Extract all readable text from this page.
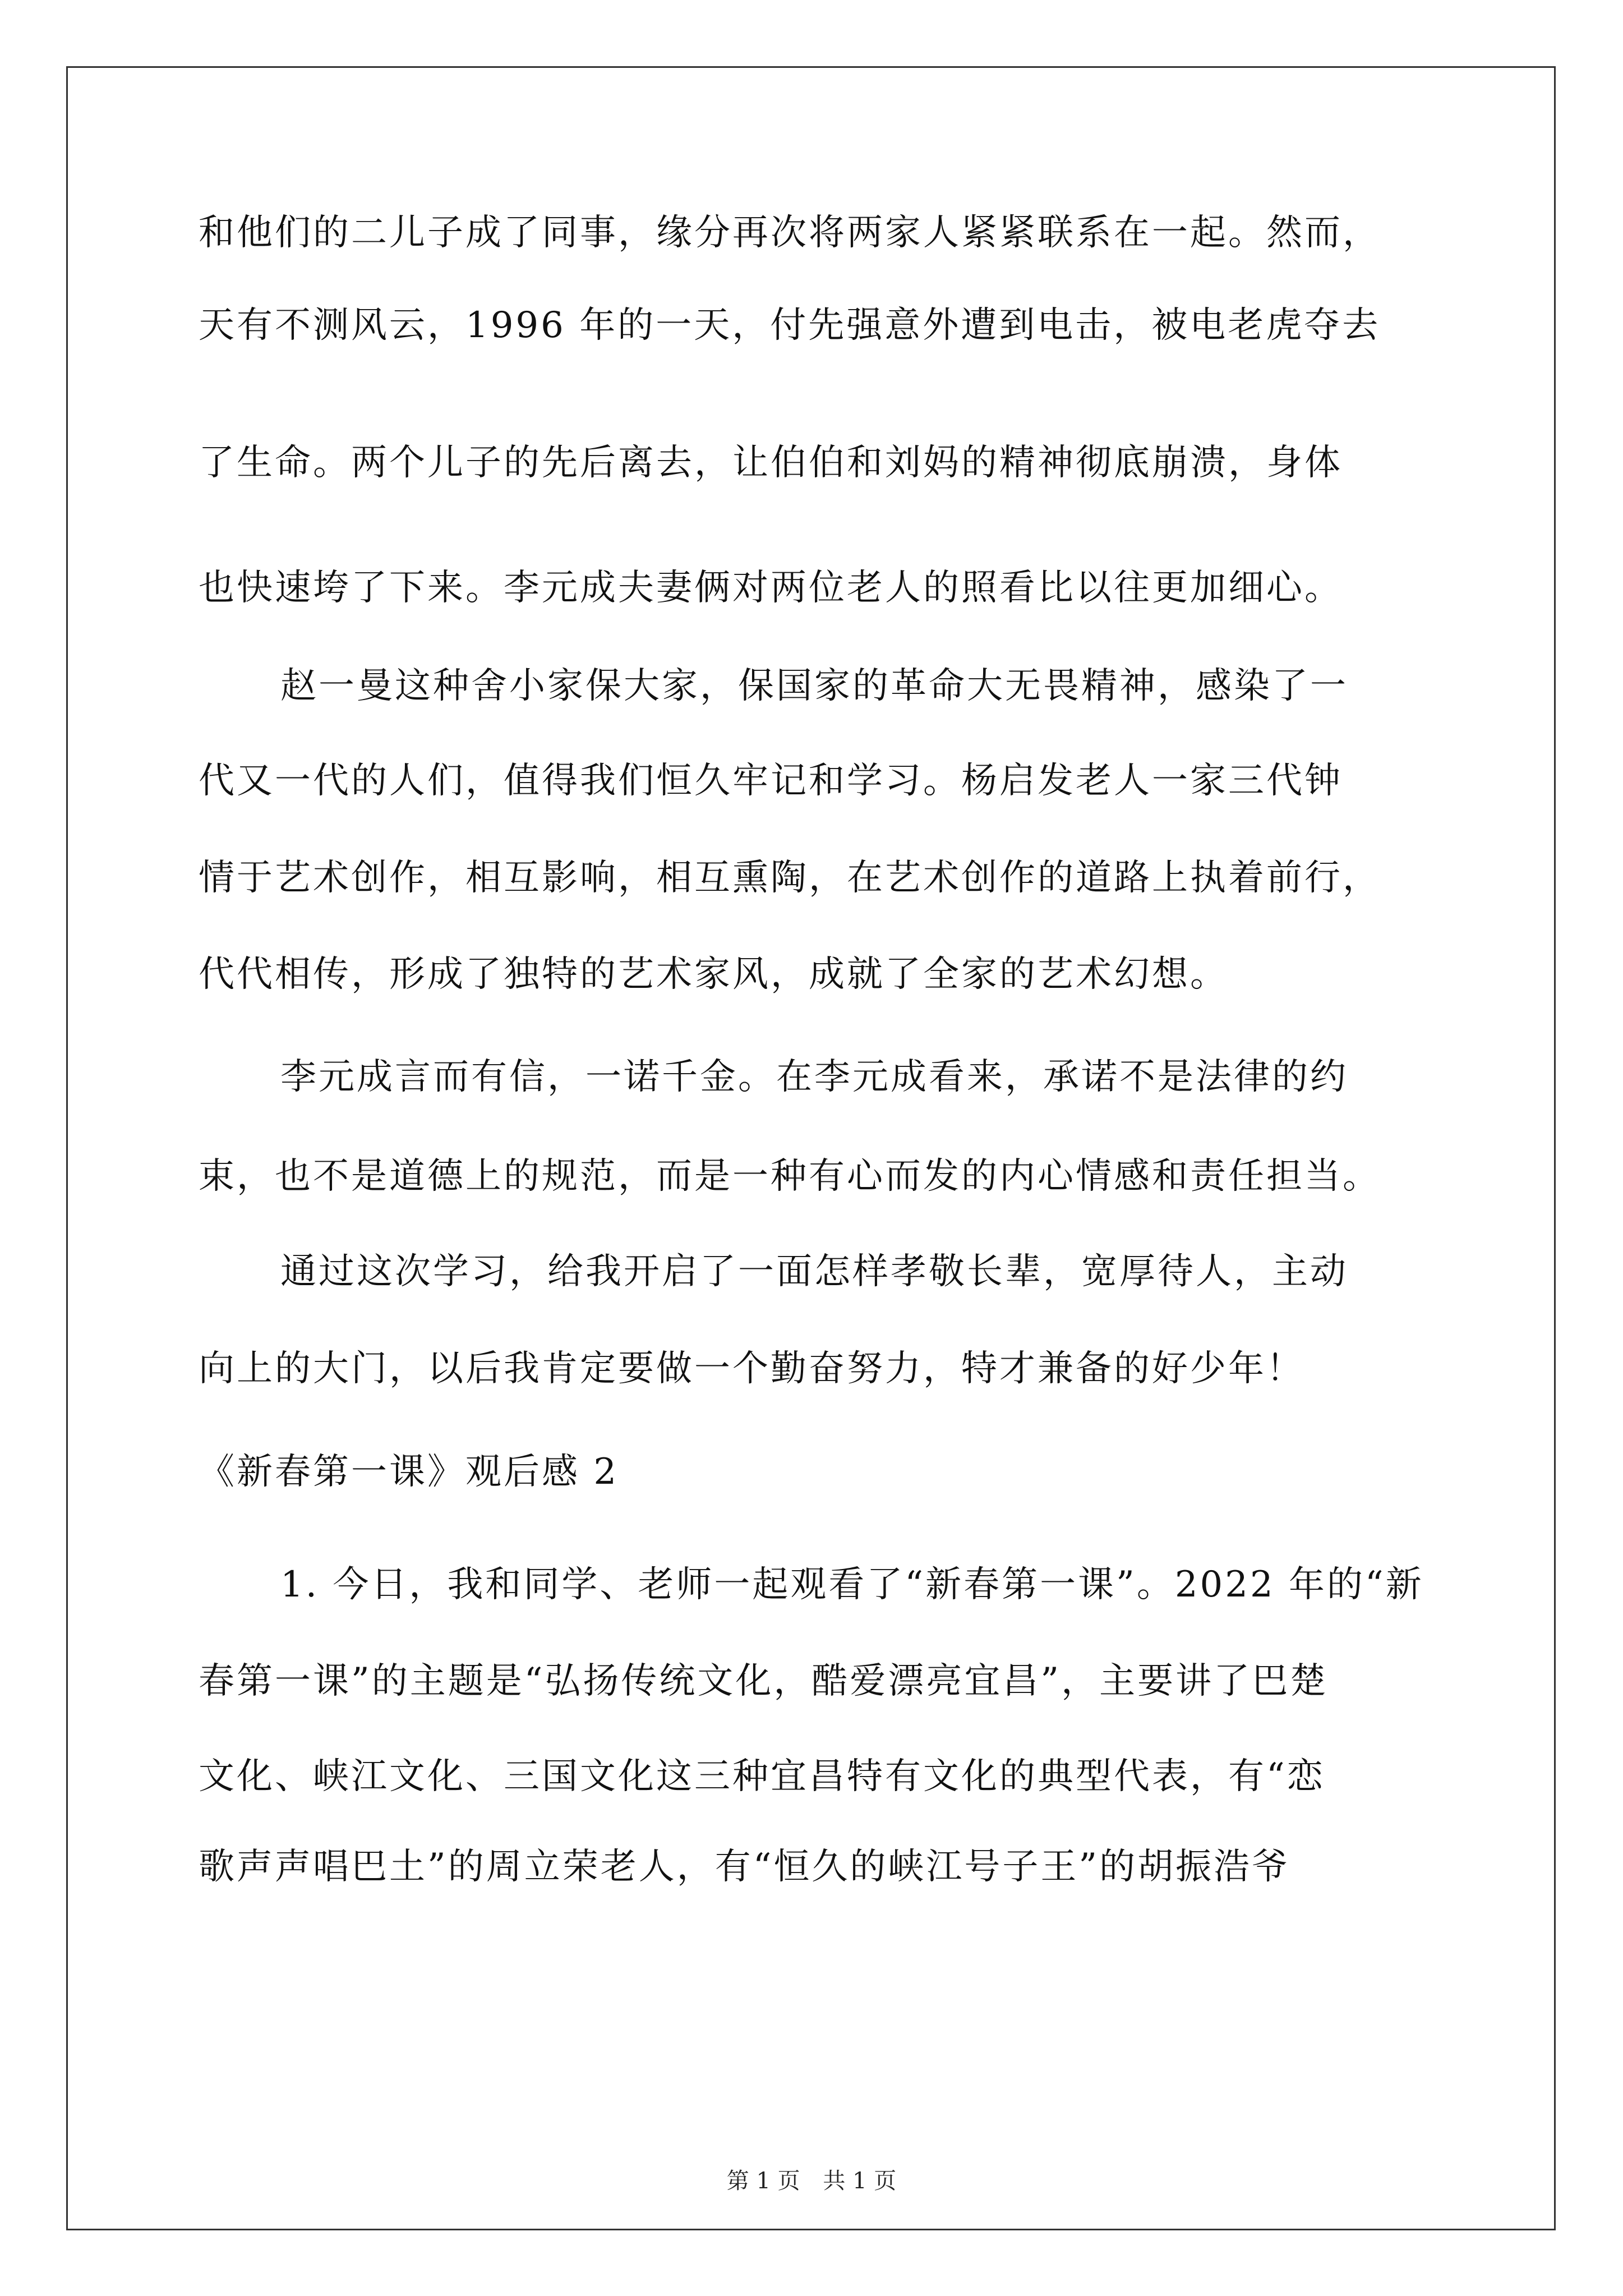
和他们的二儿子成了同事，缘分再次将两家人紧紧联系在一起。然而，
天有不测风云，1996 年的一天，付先强意外遭到电击，被电老虎夺去
了生命。两个儿子的先后离去，让伯伯和刘妈的精神彻底崩溃，身体
也快速垮了下来。李元成夫妻俩对两位老人的照看比以往更加细心。
赵一曼这种舍小家保大家，保国家的革命大无畏精神，感染了一
代又一代的人们，值得我们恒久牢记和学习。杨启发老人一家三代钟
情于艺术创作，相互影响，相互熏陶，在艺术创作的道路上执着前行，
代代相传，形成了独特的艺术家风，成就了全家的艺术幻想。
李元成言而有信，一诺千金。在李元成看来，承诺不是法律的约
束，也不是道德上的规范，而是一种有心而发的内心情感和责任担当。
通过这次学习，给我开启了一面怎样孝敬长辈，宽厚待人，主动
向上的大门，以后我肯定要做一个勤奋努力，特才兼备的好少年！
《新春第一课》观后感 2
1. 今日，我和同学、老师一起观看了“新春第一课”。2022 年的“新
春第一课”的主题是“弘扬传统文化，酷爱漂亮宜昌”，主要讲了巴楚
文化、峡江文化、三国文化这三种宜昌特有文化的典型代表，有“恋
歌声声唱巴土”的周立荣老人，有“恒久的峡江号子王”的胡振浩爷
第 1 页 共 1 页
